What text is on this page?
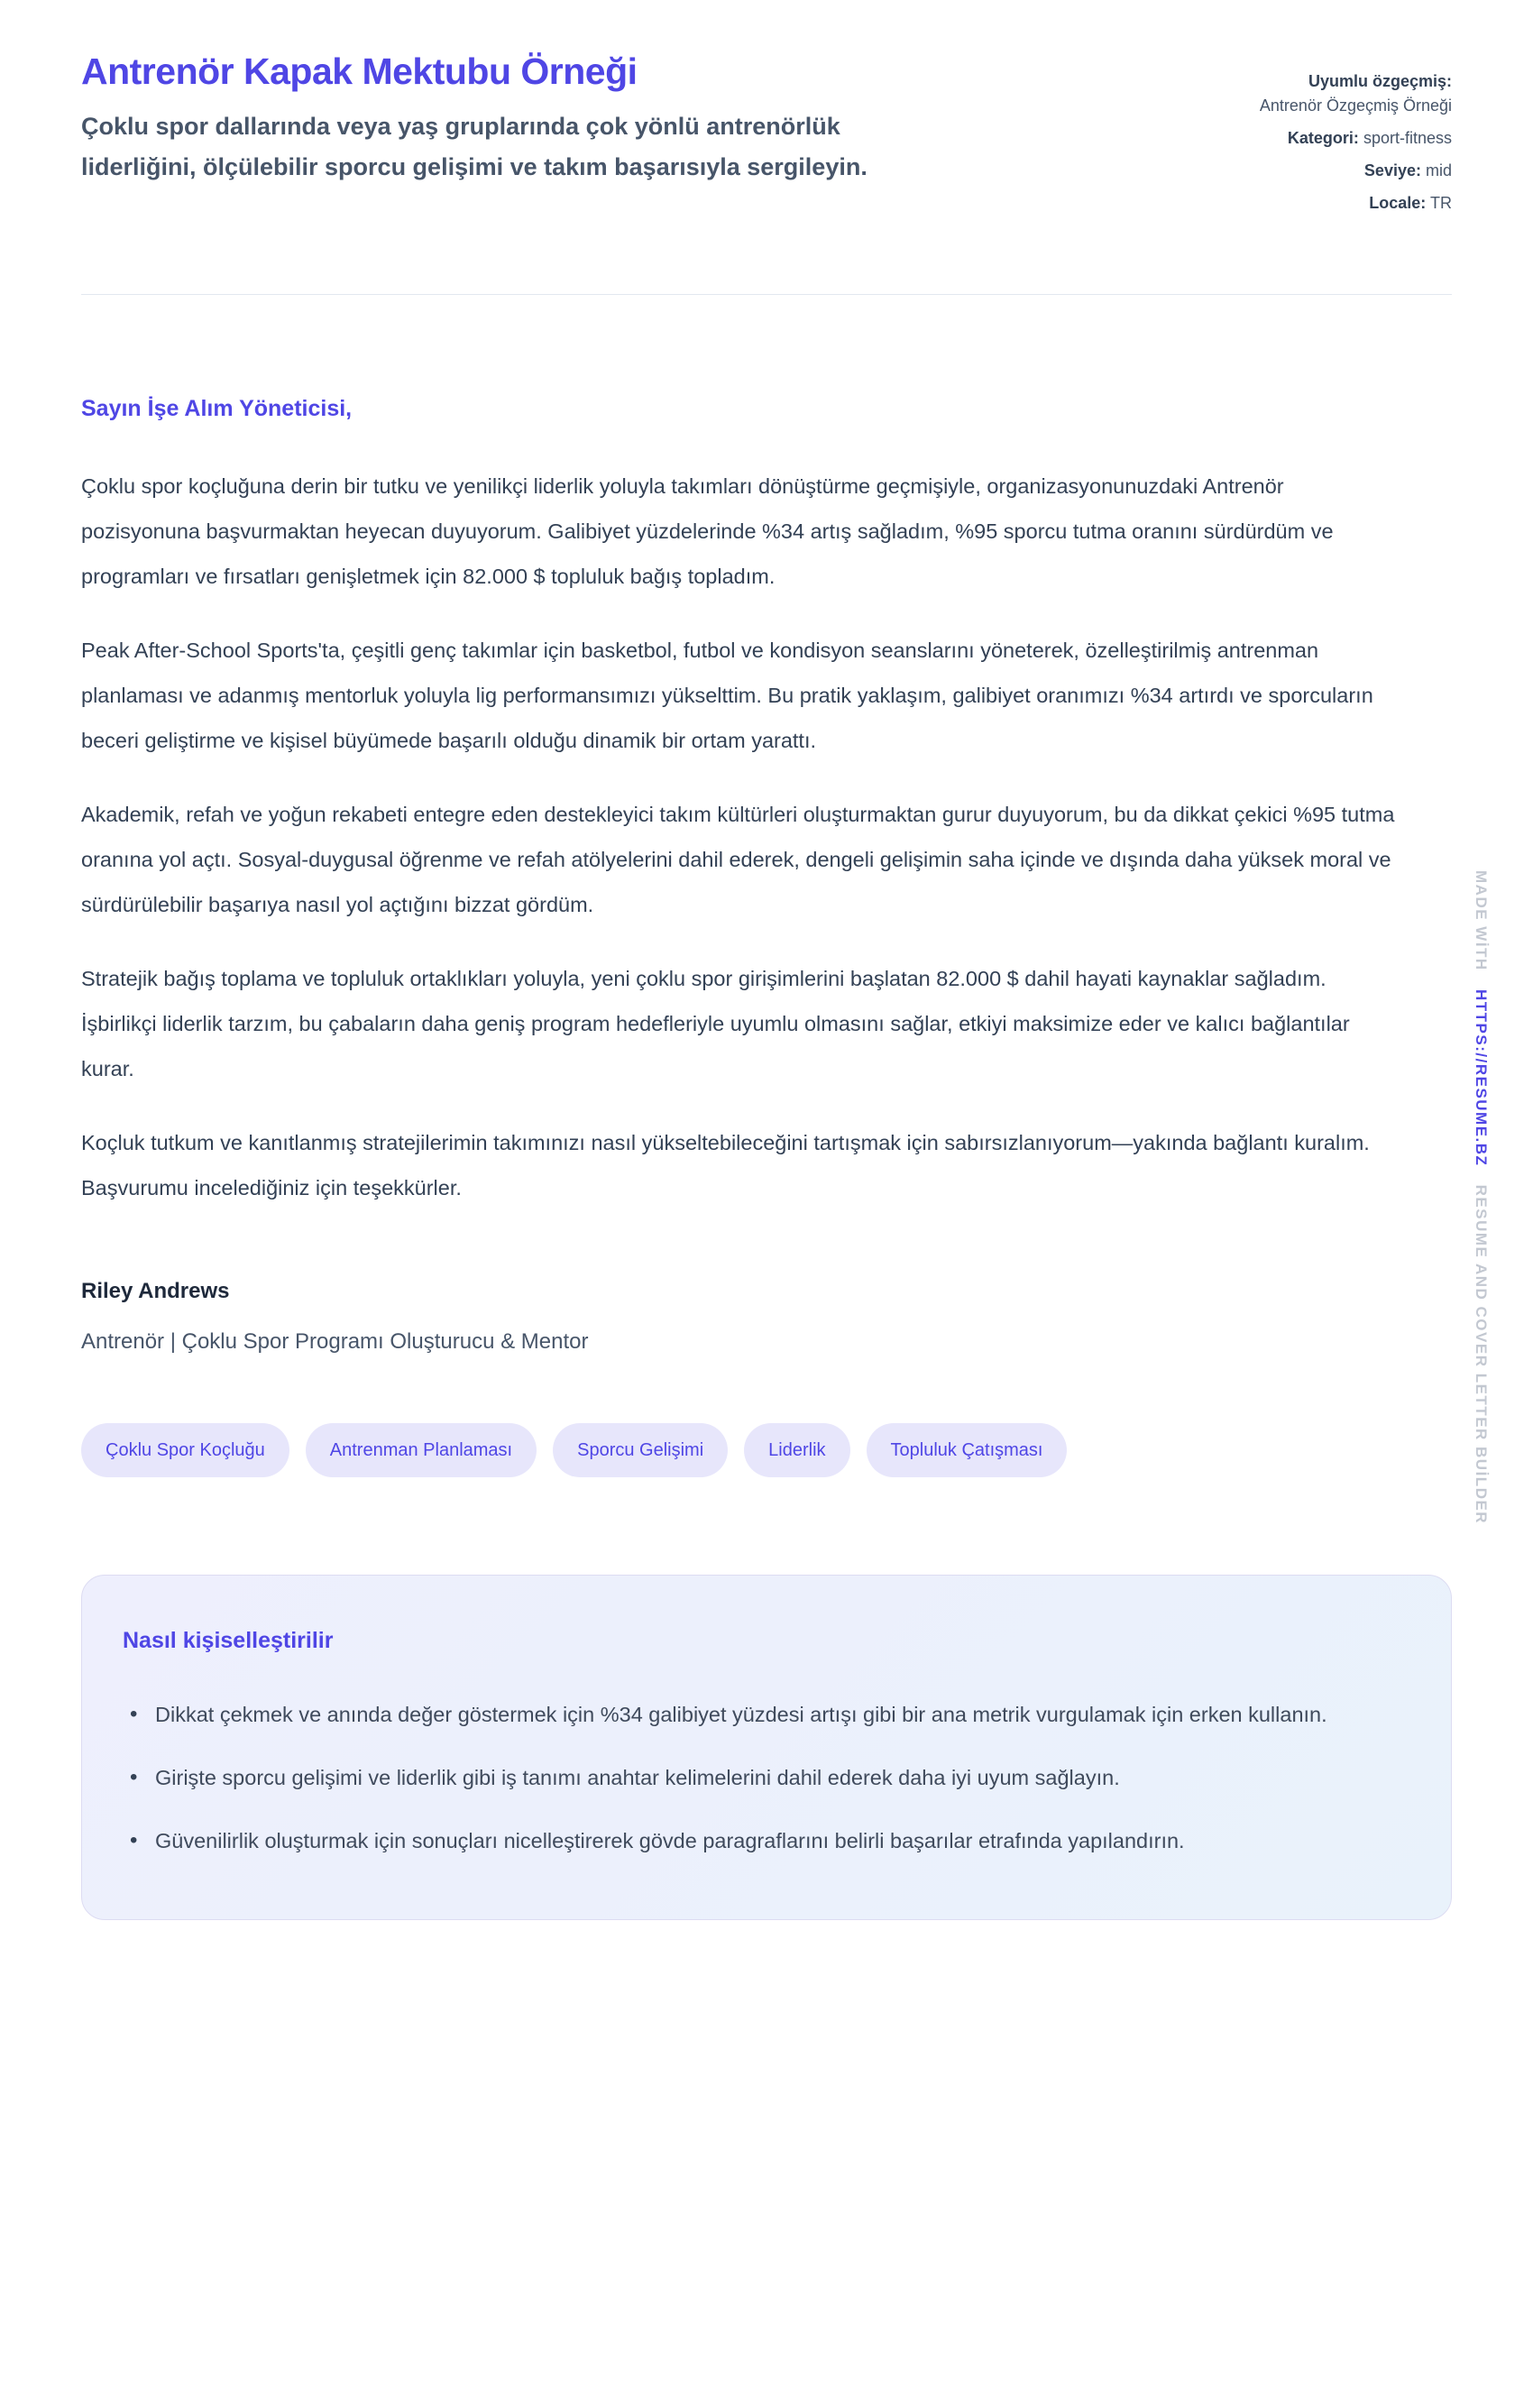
Antrenör Kapak Mektubu Örneği

Çoklu spor dallarında veya yaş gruplarında çok yönlü antrenörlük liderliğini, ölçülebilir sporcu gelişimi ve takım başarısıyla sergileyin.

Uyumlu özgeçmiş:
Antrenör Özgeçmiş Örneği
Kategori: sport-fitness
Seviye: mid
Locale: TR

Sayın İşe Alım Yöneticisi,

Çoklu spor koçluğuna derin bir tutku ve yenilikçi liderlik yoluyla takımları dönüştürme geçmişiyle, organizasyonunuzdaki Antrenör pozisyonuna başvurmaktan heyecan duyuyorum. Galibiyet yüzdelerinde %34 artış sağladım, %95 sporcu tutma oranını sürdürdüm ve programları ve fırsatları genişletmek için 82.000 $ topluluk bağış topladım.

Peak After-School Sports'ta, çeşitli genç takımlar için basketbol, futbol ve kondisyon seanslarını yöneterek, özelleştirilmiş antrenman planlaması ve adanmış mentorluk yoluyla lig performansımızı yükselttim. Bu pratik yaklaşım, galibiyet oranımızı %34 artırdı ve sporcuların beceri geliştirme ve kişisel büyümede başarılı olduğu dinamik bir ortam yarattı.

Akademik, refah ve yoğun rekabeti entegre eden destekleyici takım kültürleri oluşturmaktan gurur duyuyorum, bu da dikkat çekici %95 tutma oranına yol açtı. Sosyal-duygusal öğrenme ve refah atölyelerini dahil ederek, dengeli gelişimin saha içinde ve dışında daha yüksek moral ve sürdürülebilir başarıya nasıl yol açtığını bizzat gördüm.

Stratejik bağış toplama ve topluluk ortaklıkları yoluyla, yeni çoklu spor girişimlerini başlatan 82.000 $ dahil hayati kaynaklar sağladım. İşbirlikçi liderlik tarzım, bu çabaların daha geniş program hedefleriyle uyumlu olmasını sağlar, etkiyi maksimize eder ve kalıcı bağlantılar kurar.

Koçluk tutkum ve kanıtlanmış stratejilerimin takımınızı nasıl yükseltebileceğini tartışmak için sabırsızlanıyorum—yakında bağlantı kuralım. Başvurumu incelediğiniz için teşekkürler.

Riley Andrews

Antrenör | Çoklu Spor Programı Oluşturucu & Mentor

Çoklu Spor Koçluğu	Antrenman Planlaması	Sporcu Gelişimi	Liderlik	Topluluk Çatışması
Nasıl kişiselleştirilir
• Dikkat çekmek ve anında değer göstermek için %34 galibiyet yüzdesi artışı gibi bir ana metrik vurgulamak için erken kullanın.
• Girişte sporcu gelişimi ve liderlik gibi iş tanımı anahtar kelimelerini dahil ederek daha iyi uyum sağlayın.
• Güvenilirlik oluşturmak için sonuçları nicelleştirerek gövde paragraflarını belirli başarılar etrafında yapılandırın.
MADE WİTH HTTPS://RESUME.BZ RESUME AND COVER LETTER BUİLDER
